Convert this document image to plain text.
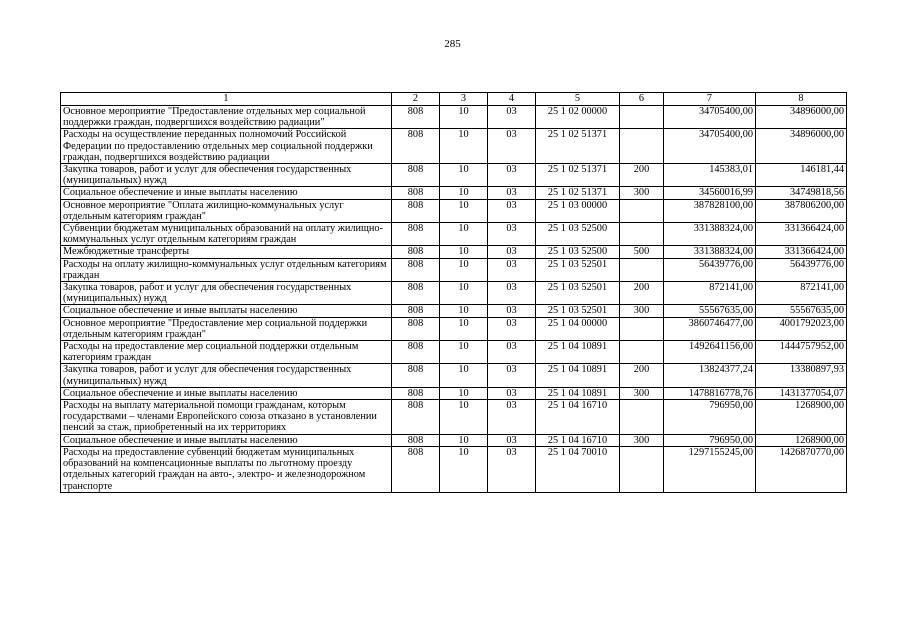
285
1	2	3	4	5	6	7	8
Основное мероприятие "Предоставление отдельных мер социальной поддержки граждан, подвергшихся воздействию радиации"	808	10	03	25 1 02 00000		34705400,00	34896000,00
Расходы на осуществление переданных полномочий Российской Федерации по предоставлению отдельных мер социальной поддержки граждан, подвергшихся воздействию радиации	808	10	03	25 1 02 51371		34705400,00	34896000,00
Закупка товаров, работ и услуг для обеспечения государственных (муниципальных) нужд	808	10	03	25 1 02 51371	200	145383,01	146181,44
Социальное обеспечение и иные выплаты населению	808	10	03	25 1 02 51371	300	34560016,99	34749818,56
Основное мероприятие "Оплата жилищно-коммунальных услуг отдельным категориям граждан"	808	10	03	25 1 03 00000		387828100,00	387806200,00
Субвенции бюджетам муниципальных образований на оплату жилищно-коммунальных услуг отдельным категориям граждан	808	10	03	25 1 03 52500		331388324,00	331366424,00
Межбюджетные трансферты	808	10	03	25 1 03 52500	500	331388324,00	331366424,00
Расходы на оплату жилищно-коммунальных услуг отдельным категориям граждан	808	10	03	25 1 03 52501		56439776,00	56439776,00
Закупка товаров, работ и услуг для обеспечения государственных (муниципальных) нужд	808	10	03	25 1 03 52501	200	872141,00	872141,00
Социальное обеспечение и иные выплаты населению	808	10	03	25 1 03 52501	300	55567635,00	55567635,00
Основное мероприятие "Предоставление мер социальной поддержки отдельным категориям граждан"	808	10	03	25 1 04 00000		3860746477,00	4001792023,00
Расходы на предоставление мер социальной поддержки отдельным категориям граждан	808	10	03	25 1 04 10891		1492641156,00	1444757952,00
Закупка товаров, работ и услуг для обеспечения государственных (муниципальных) нужд	808	10	03	25 1 04 10891	200	13824377,24	13380897,93
Социальное обеспечение и иные выплаты населению	808	10	03	25 1 04 10891	300	1478816778,76	1431377054,07
Расходы на выплату материальной помощи гражданам, которым государствами – членами Европейского союза отказано в установлении пенсий за стаж, приобретенный на их территориях	808	10	03	25 1 04 16710		796950,00	1268900,00
Социальное обеспечение и иные выплаты населению	808	10	03	25 1 04 16710	300	796950,00	1268900,00
Расходы на предоставление субвенций бюджетам муниципальных образований на компенсационные выплаты по льготному проезду отдельных категорий граждан на авто-, электро- и железнодорожном транспорте	808	10	03	25 1 04 70010		1297155245,00	1426870770,00
